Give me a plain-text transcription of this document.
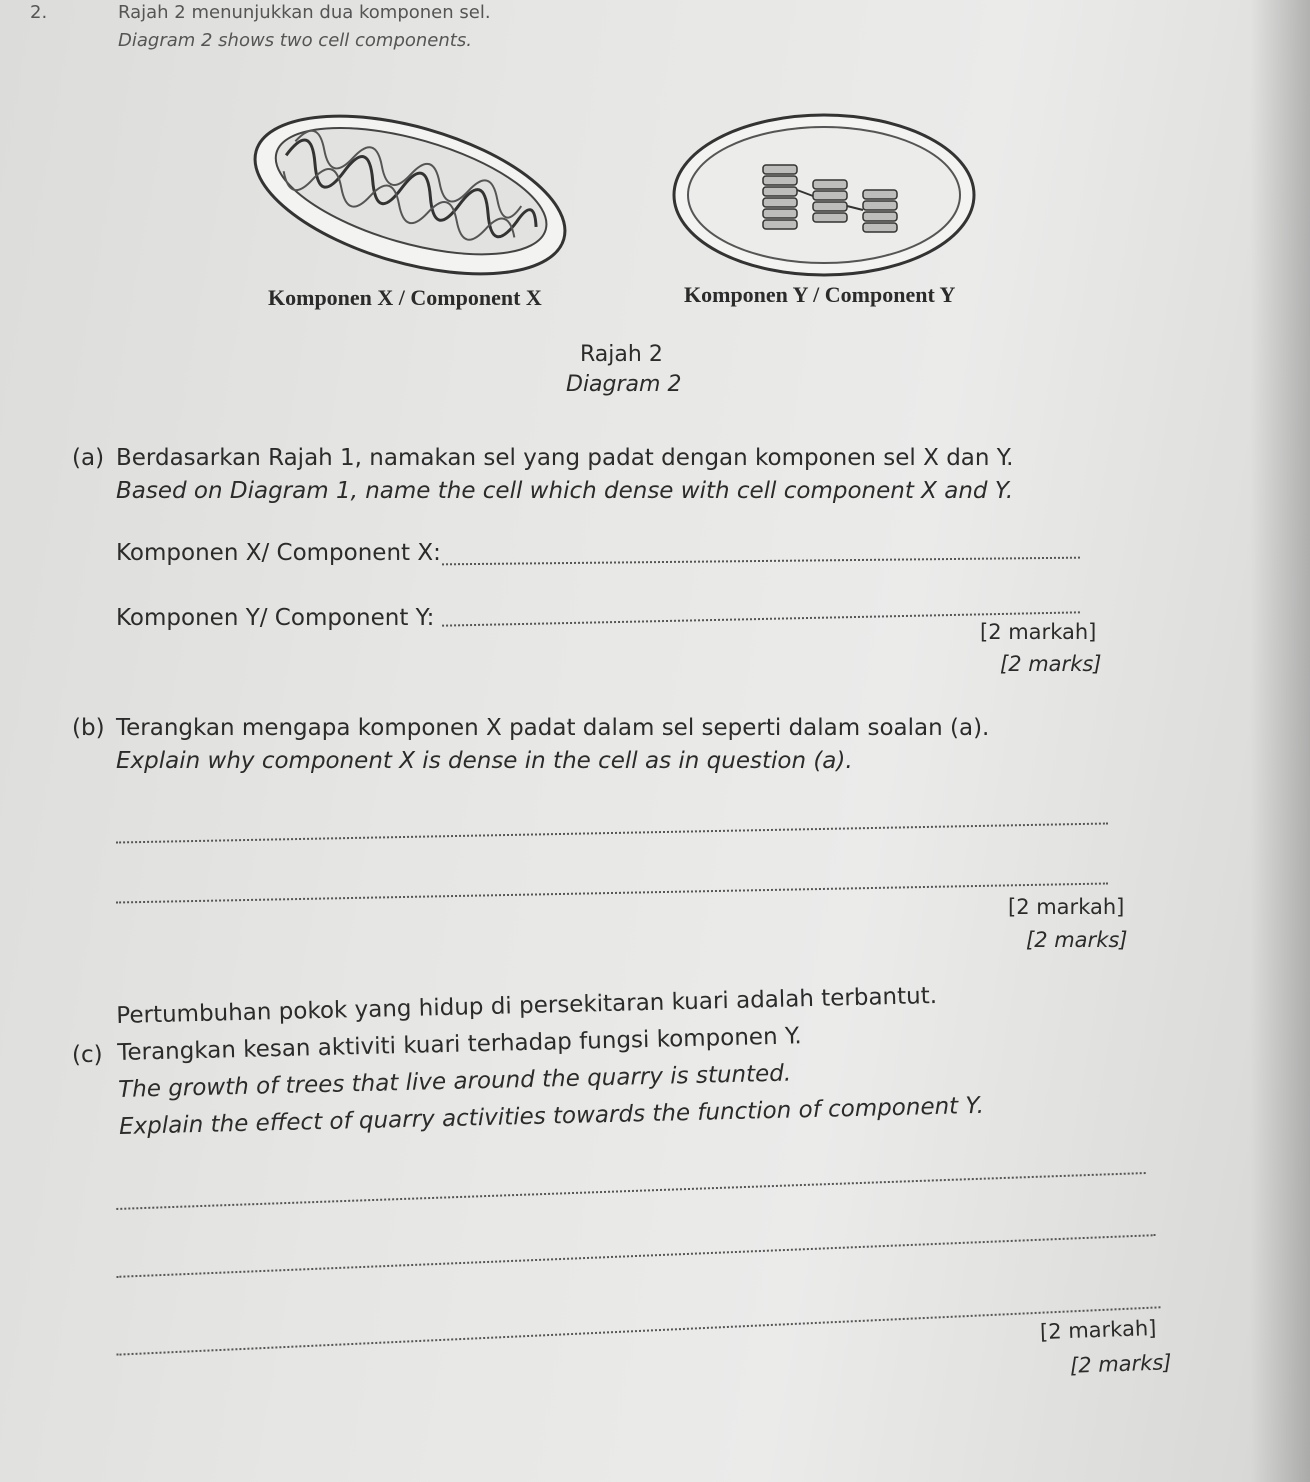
2.	Rajah 2 menunjukkan dua komponen sel.
Diagram 2 shows two cell components.
Komponen X / Component X	Komponen Y / Component Y
Rajah 2
Diagram 2
(a) Berdasarkan Rajah 1, namakan sel yang padat dengan komponen sel X dan Y.
Based on Diagram 1, name the cell which dense with cell component X and Y.
Komponen X/ Component X:
Komponen Y/ Component Y:
[2 markah]
[2 marks]
(b) Terangkan mengapa komponen X padat dalam sel seperti dalam soalan (a).
Explain why component X is dense in the cell as in question (a).
[2 markah]
[2 marks]
(c)
Pertumbuhan pokok yang hidup di persekitaran kuari adalah terbantut.
Terangkan kesan aktiviti kuari terhadap fungsi komponen Y.
The growth of trees that live around the quarry is stunted.
Explain the effect of quarry activities towards the function of component Y.
[2 markah]
[2 marks]
